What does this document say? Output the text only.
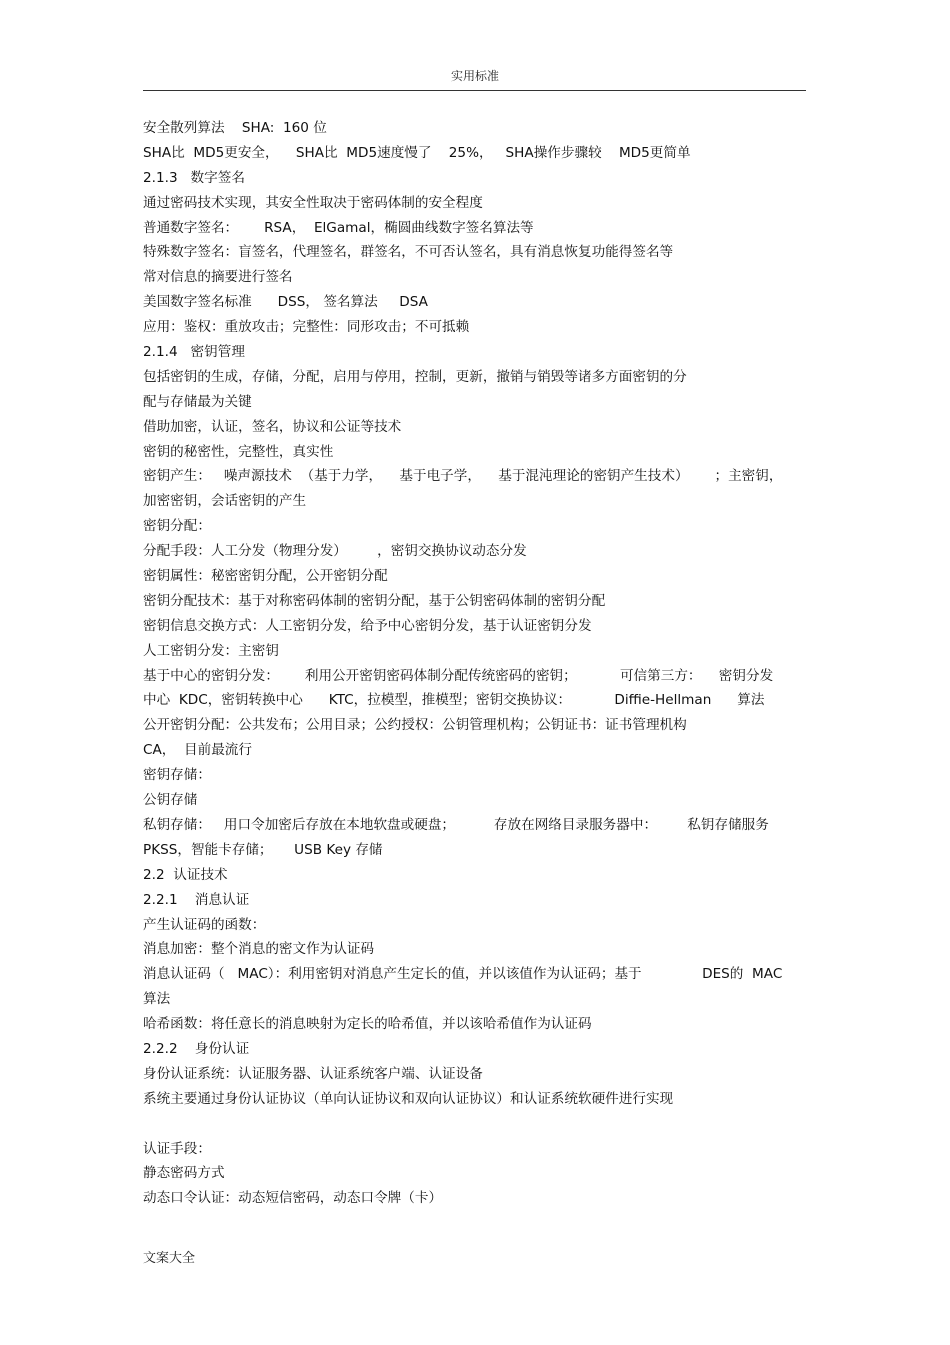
实用标准
安全散列算法    SHA:  160 位
SHA比  MD5更安全，    SHA比  MD5速度慢了    25%，   SHA操作步骤较    MD5更简单
2.1.3   数字签名
通过密码技术实现，其安全性取决于密码体制的安全程度
普通数字签名：      RSA，  ElGamal，椭圆曲线数字签名算法等
特殊数字签名：盲签名，代理签名，群签名，不可否认签名，具有消息恢复功能得签名等
常对信息的摘要进行签名
美国数字签名标准      DSS， 签名算法     DSA
应用：鉴权：重放攻击；完整性：同形攻击；不可抵赖
2.1.4   密钥管理
包括密钥的生成，存储，分配，启用与停用，控制，更新，撤销与销毁等诸多方面密钥的分
配与存储最为关键
借助加密，认证，签名，协议和公证等技术
密钥的秘密性，完整性，真实性
密钥产生：   噪声源技术  （基于力学，    基于电子学，    基于混沌理论的密钥产生技术）      ；主密钥，
加密密钥，会话密钥的产生
密钥分配：
分配手段：人工分发（物理分发）       ，密钥交换协议动态分发
密钥属性：秘密密钥分配，公开密钥分配
密钥分配技术：基于对称密码体制的密钥分配，基于公钥密码体制的密钥分配
密钥信息交换方式：人工密钥分发，给予中心密钥分发，基于认证密钥分发
人工密钥分发：主密钥
基于中心的密钥分发：      利用公开密钥密码体制分配传统密码的密钥；          可信第三方：    密钥分发
中心  KDC，密钥转换中心      KTC，拉模型，推模型；密钥交换协议：          Diffie-Hellman      算法
公开密钥分配：公共发布；公用目录；公约授权：公钥管理机构；公钥证书：证书管理机构
CA，  目前最流行
密钥存储：
公钥存储
私钥存储：   用口令加密后存放在本地软盘或硬盘；         存放在网络目录服务器中：       私钥存储服务
PKSS，智能卡存储；     USB Key 存储
2.2  认证技术
2.2.1    消息认证
产生认证码的函数：
消息加密：整个消息的密文作为认证码
消息认证码（   MAC）：利用密钥对消息产生定长的值，并以该值作为认证码；基于              DES的  MAC
算法
哈希函数：将任意长的消息映射为定长的哈希值，并以该哈希值作为认证码
2.2.2    身份认证
身份认证系统：认证服务器、认证系统客户端、认证设备
系统主要通过身份认证协议（单向认证协议和双向认证协议）和认证系统软硬件进行实现
认证手段：
静态密码方式
动态口令认证：动态短信密码，动态口令牌（卡）
文案大全
